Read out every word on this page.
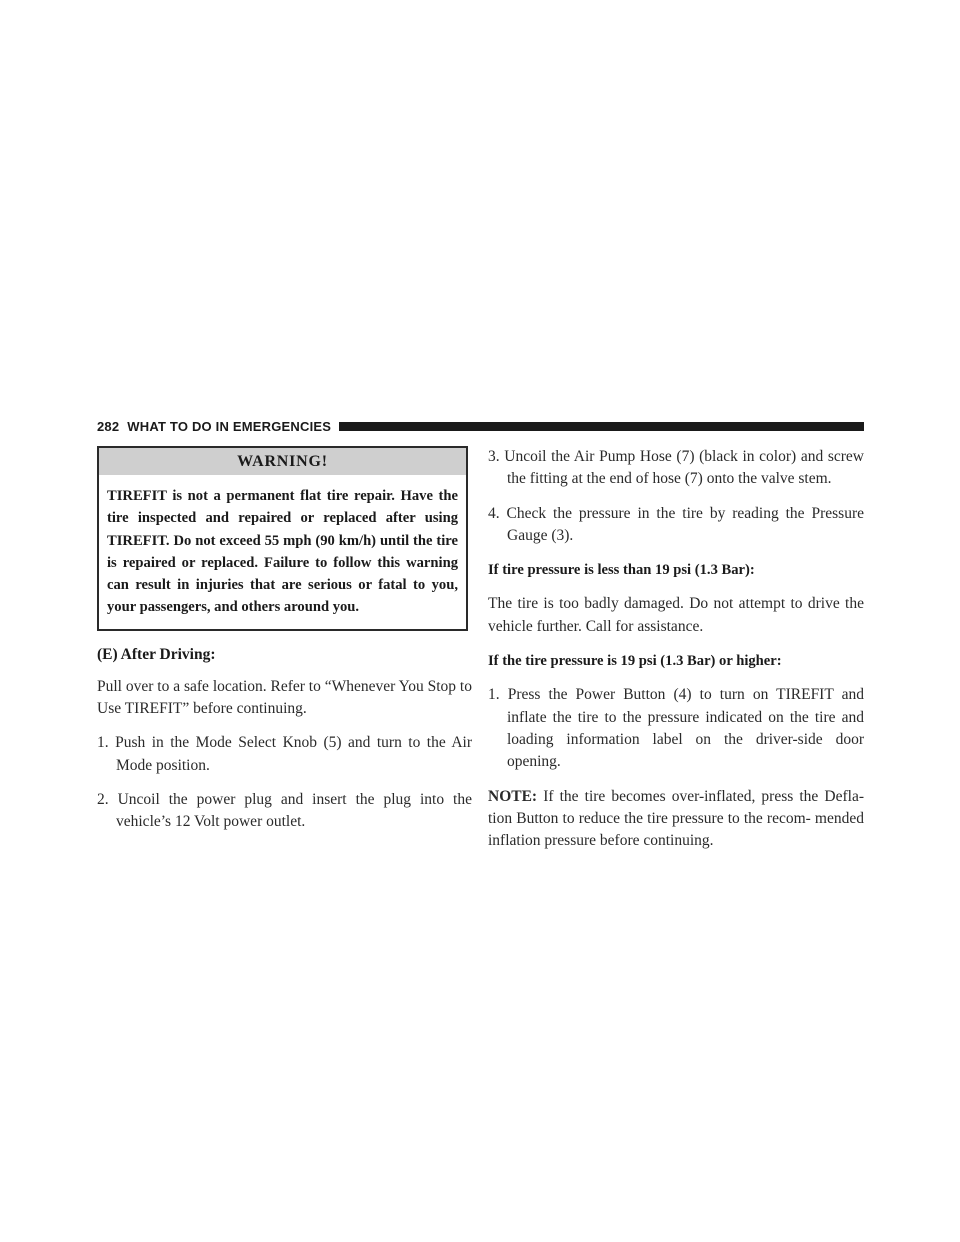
282 WHAT TO DO IN EMERGENCIES
WARNING!
TIREFIT is not a permanent flat tire repair. Have the tire inspected and repaired or replaced after using TIREFIT. Do not exceed 55 mph (90 km/h) until the tire is repaired or replaced. Failure to follow this warning can result in injuries that are serious or fatal to you, your passengers, and others around you.
(E) After Driving:

Pull over to a safe location. Refer to “Whenever You Stop to Use TIREFIT” before continuing.

1. Push in the Mode Select Knob (5) and turn to the Air Mode position.

2. Uncoil the power plug and insert the plug into the vehicle’s 12 Volt power outlet.

3. Uncoil the Air Pump Hose (7) (black in color) and screw the fitting at the end of hose (7) onto the valve stem.

4. Check the pressure in the tire by reading the Pressure Gauge (3).

If tire pressure is less than 19 psi (1.3 Bar):

The tire is too badly damaged. Do not attempt to drive the vehicle further. Call for assistance.

If the tire pressure is 19 psi (1.3 Bar) or higher:

1. Press the Power Button (4) to turn on TIREFIT and inflate the tire to the pressure indicated on the tire and loading information label on the driver-side door opening.

NOTE: If the tire becomes over-inflated, press the Defla- tion Button to reduce the tire pressure to the recom- mended inflation pressure before continuing.
